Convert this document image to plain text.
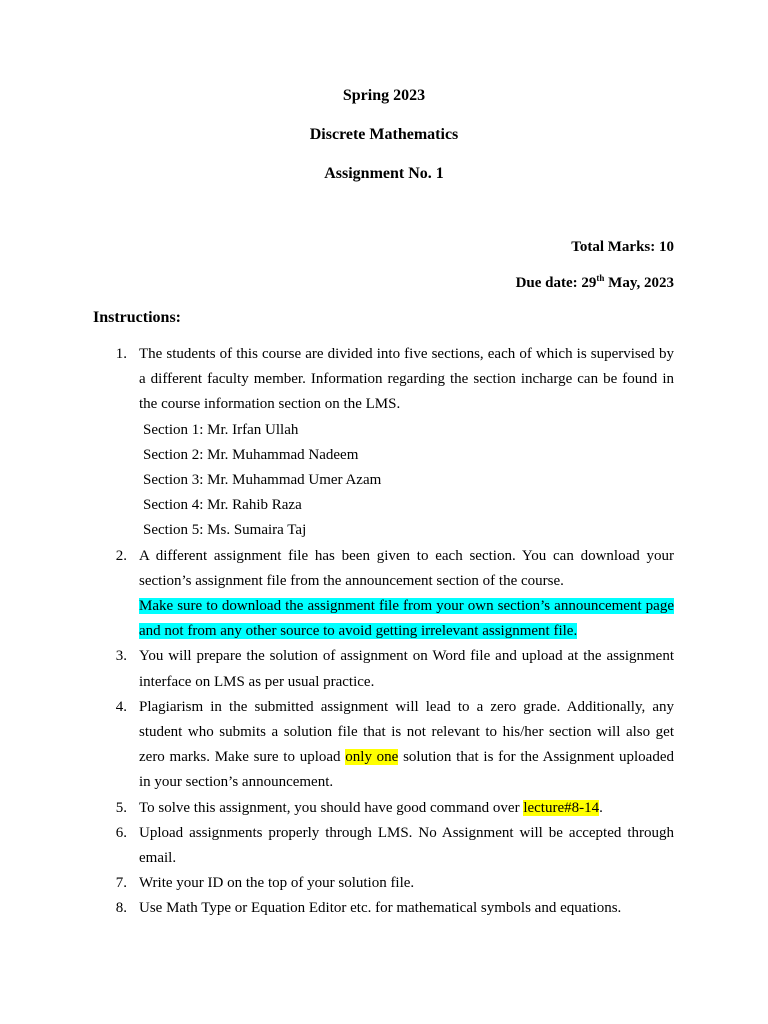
Spring 2023
Discrete Mathematics
Assignment No. 1

Total Marks: 10

Due date: 29th May, 2023

Instructions:
1. The students of this course are divided into five sections, each of which is supervised by a different faculty member. Information regarding the section incharge can be found in the course information section on the LMS.
Section 1: Mr. Irfan Ullah
Section 2: Mr. Muhammad Nadeem
Section 3: Mr. Muhammad Umer Azam
Section 4: Mr. Rahib Raza
Section 5: Ms. Sumaira Taj
2. A different assignment file has been given to each section. You can download your section’s assignment file from the announcement section of the course.
Make sure to download the assignment file from your own section’s announcement page and not from any other source to avoid getting irrelevant assignment file.
3. You will prepare the solution of assignment on Word file and upload at the assignment interface on LMS as per usual practice.
4. Plagiarism in the submitted assignment will lead to a zero grade. Additionally, any student who submits a solution file that is not relevant to his/her section will also get zero marks. Make sure to upload only one solution that is for the Assignment uploaded in your section’s announcement.
5. To solve this assignment, you should have good command over lecture#8-14.
6. Upload assignments properly through LMS. No Assignment will be accepted through email.
7. Write your ID on the top of your solution file.
8. Use Math Type or Equation Editor etc. for mathematical symbols and equations.
